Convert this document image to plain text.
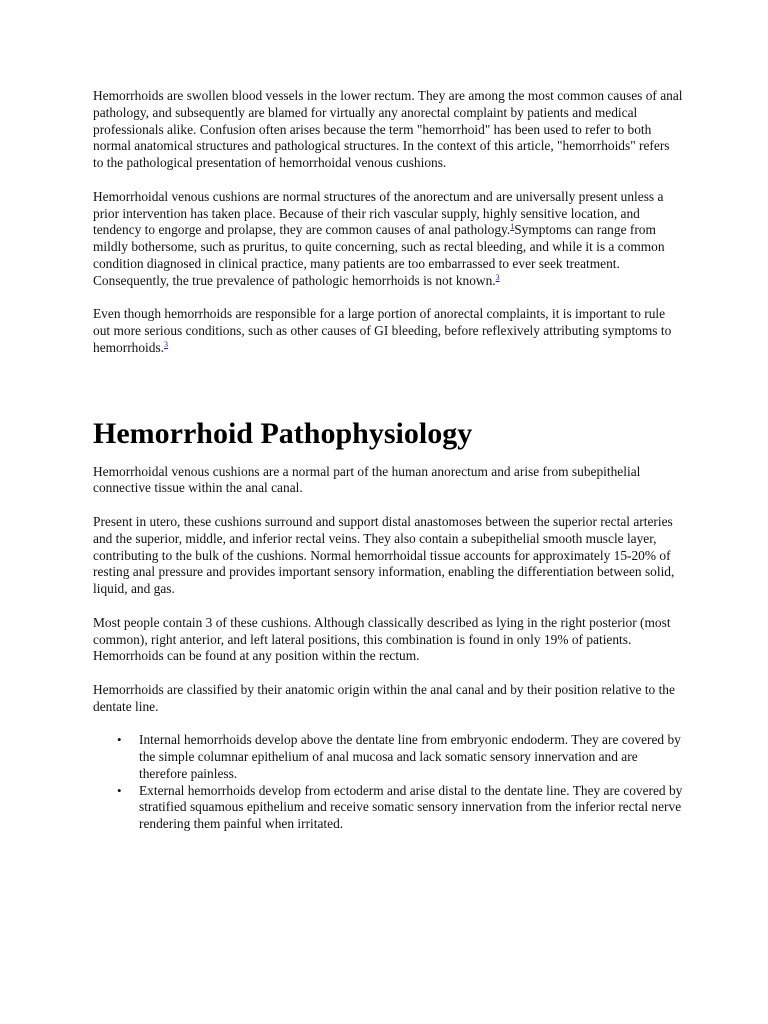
Hemorrhoids are swollen blood vessels in the lower rectum. They are among the most common causes of anal pathology, and subsequently are blamed for virtually any anorectal complaint by patients and medical professionals alike. Confusion often arises because the term "hemorrhoid" has been used to refer to both normal anatomical structures and pathological structures. In the context of this article, "hemorrhoids" refers to the pathological presentation of hemorrhoidal venous cushions.

Hemorrhoidal venous cushions are normal structures of the anorectum and are universally present unless a prior intervention has taken place. Because of their rich vascular supply, highly sensitive location, and tendency to engorge and prolapse, they are common causes of anal pathology.$^1$Symptoms can range from mildly bothersome, such as pruritus, to quite concerning, such as rectal bleeding, and while it is a common condition diagnosed in clinical practice, many patients are too embarrassed to ever seek treatment. Consequently, the true prevalence of pathologic hemorrhoids is not known.$^3$

Even though hemorrhoids are responsible for a large portion of anorectal complaints, it is important to rule out more serious conditions, such as other causes of GI bleeding, before reflexively attributing symptoms to hemorrhoids.$^3$

Hemorrhoid Pathophysiology

Hemorrhoidal venous cushions are a normal part of the human anorectum and arise from subepithelial connective tissue within the anal canal.

Present in utero, these cushions surround and support distal anastomoses between the superior rectal arteries and the superior, middle, and inferior rectal veins. They also contain a subepithelial smooth muscle layer, contributing to the bulk of the cushions. Normal hemorrhoidal tissue accounts for approximately 15-20% of resting anal pressure and provides important sensory information, enabling the differentiation between solid, liquid, and gas.

Most people contain 3 of these cushions. Although classically described as lying in the right posterior (most common), right anterior, and left lateral positions, this combination is found in only 19% of patients. Hemorrhoids can be found at any position within the rectum.

Hemorrhoids are classified by their anatomic origin within the anal canal and by their position relative to the dentate line.

• Internal hemorrhoids develop above the dentate line from embryonic endoderm. They are covered by the simple columnar epithelium of anal mucosa and lack somatic sensory innervation and are therefore painless.
• External hemorrhoids develop from ectoderm and arise distal to the dentate line. They are covered by stratified squamous epithelium and receive somatic sensory innervation from the inferior rectal nerve rendering them painful when irritated.
